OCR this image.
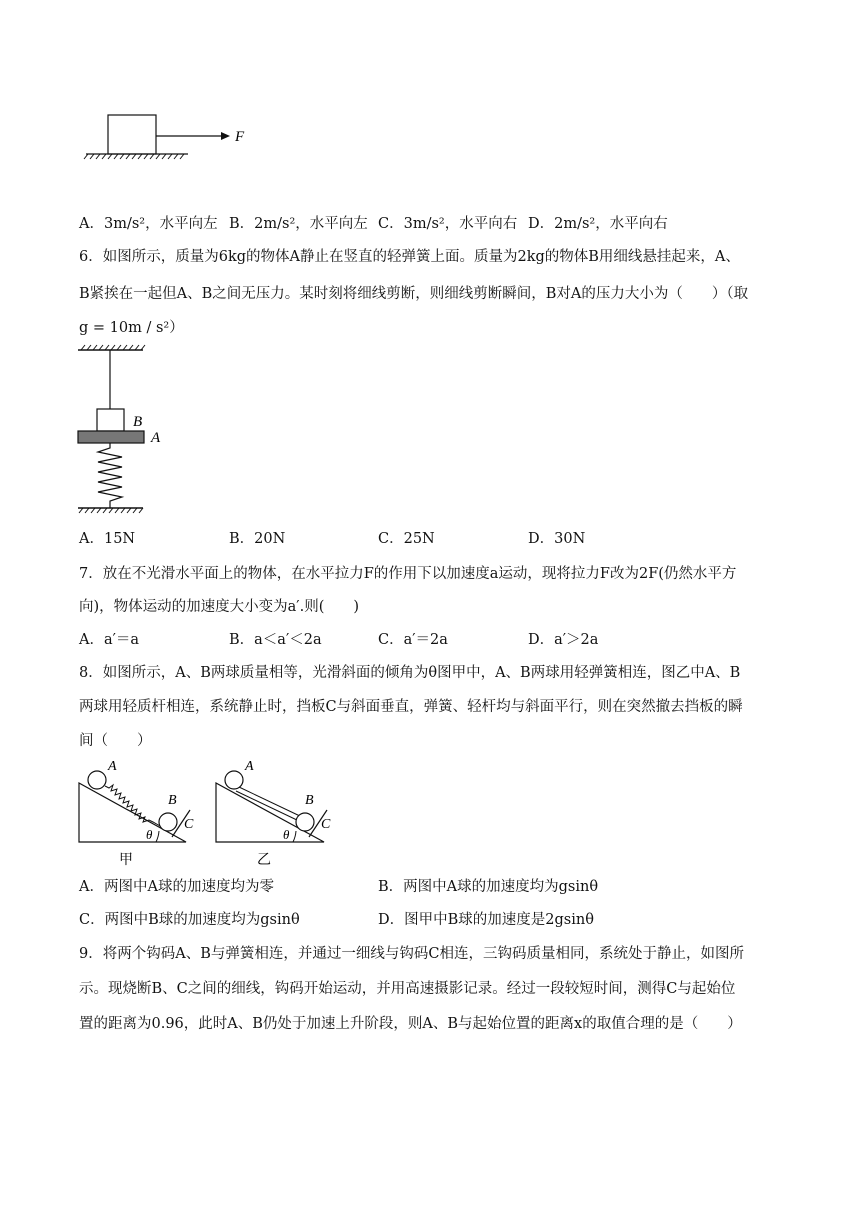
F
A．3m/s²，水平向左 B．2m/s²，水平向左 C．3m/s²，水平向右 D．2m/s²，水平向右
6．如图所示，质量为6kg的物体A静止在竖直的轻弹簧上面。质量为2kg的物体B用细线悬挂起来，A、
B紧挨在一起但A、B之间无压力。某时刻将细线剪断，则细线剪断瞬间，B对A的压力大小为（　　）（取
g = 10m / s²）
B
A
A．15N	B．20N	C．25N	D．30N
7．放在不光滑水平面上的物体，在水平拉力F的作用下以加速度a运动，现将拉力F改为2F(仍然水平方
向)，物体运动的加速度大小变为a′.则(　　)
A．a′＝a	B．a＜a′＜2a	C．a′＝2a	D．a′＞2a
8．如图所示，A、B两球质量相等，光滑斜面的倾角为θ图甲中，A、B两球用轻弹簧相连，图乙中A、B
两球用轻质杆相连，系统静止时，挡板C与斜面垂直，弹簧、轻杆均与斜面平行，则在突然撤去挡板的瞬
间（　　）
A
B
C
θ
甲
A
B
C
θ
乙
A．两图中A球的加速度均为零	B．两图中A球的加速度均为gsinθ
C．两图中B球的加速度均为gsinθ	D．图甲中B球的加速度是2gsinθ
9．将两个钩码A、B与弹簧相连，并通过一细线与钩码C相连，三钩码质量相同，系统处于静止，如图所
示。现烧断B、C之间的细线，钩码开始运动，并用高速摄影记录。经过一段较短时间，测得C与起始位
置的距离为0.96，此时A、B仍处于加速上升阶段，则A、B与起始位置的距离x的取值合理的是（　　）
